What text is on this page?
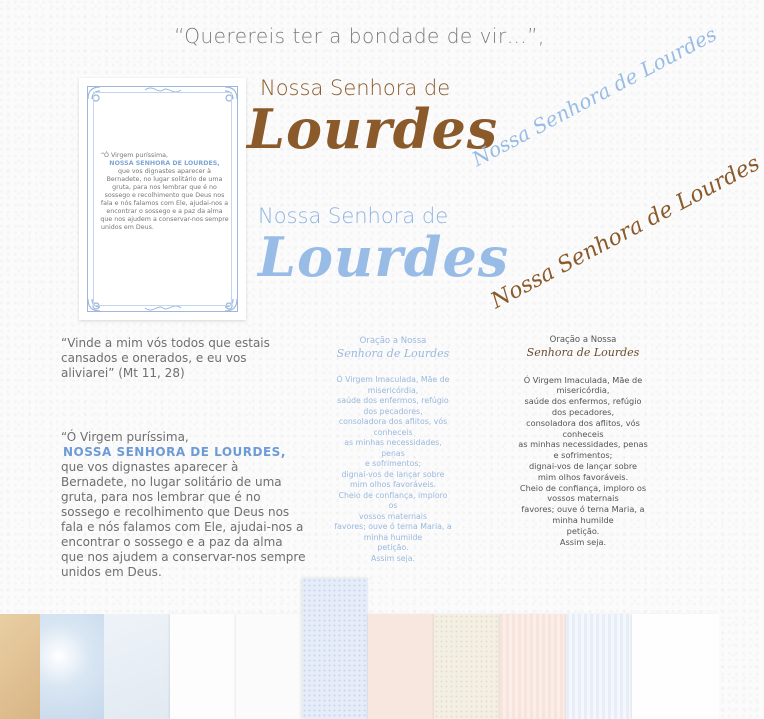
“Querereis ter a bondade de vir…”,
“Ó Virgem puríssima,
NOSSA SENHORA DE LOURDES,
que vos dignastes aparecer à
Bernadete, no lugar solitário de uma
gruta, para nos lembrar que é no
sossego e recolhimento que Deus nos
fala e nós falamos com Ele, ajudai-nos a
encontrar o sossego e a paz da alma
que nos ajudem a conservar-nos sempre
unidos em Deus.
Nossa Senhora de
Lourdes
Nossa Senhora de
Lourdes
Nossa Senhora de Lourdes
Nossa Senhora de Lourdes
“Vinde a mim vós todos que estais
cansados e onerados, e eu vos
aliviarei” (Mt 11, 28)
“Ó Virgem puríssima,
NOSSA SENHORA DE LOURDES,
que vos dignastes aparecer à
Bernadete, no lugar solitário de uma
gruta, para nos lembrar que é no
sossego e recolhimento que Deus nos
fala e nós falamos com Ele, ajudai-nos a
encontrar o sossego e a paz da alma
que nos ajudem a conservar-nos sempre
unidos em Deus.
Oração a Nossa
Senhora de Lourdes
Ó Virgem Imaculada, Mãe de
misericórdia,
saúde dos enfermos, refúgio
dos pecadores,
consoladora dos aflitos, vós
conheceis
as minhas necessidades, penas
e sofrimentos;
dignai-vos de lançar sobre
mim olhos favoráveis.
Cheio de confiança, imploro os
vossos maternais
favores; ouve ó terna Maria, a
minha humilde
petição.
Assim seja.
Oração a Nossa
Senhora de Lourdes
Ó Virgem Imaculada, Mãe de
misericórdia,
saúde dos enfermos, refúgio
dos pecadores,
consoladora dos aflitos, vós
conheceis
as minhas necessidades, penas
e sofrimentos;
dignai-vos de lançar sobre
mim olhos favoráveis.
Cheio de confiança, imploro os
vossos maternais
favores; ouve ó terna Maria, a
minha humilde
petição.
Assim seja.
